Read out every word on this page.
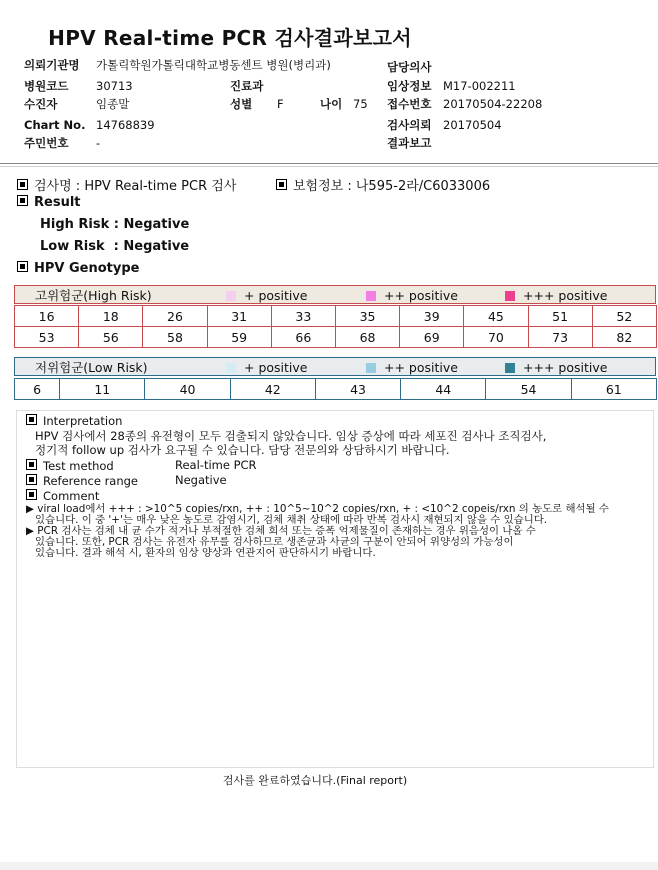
HPV Real-time PCR 검사결과보고서
의뢰기관명 가톨릭학원가톨릭대학교병동센트 병원(병리과)
병원코드 30713
수진자	임종말
Chart No. 14768839
주민번호 -
진료과
성별 F	나이 75
담당의사
임상정보 M17-002211
접수번호 20170504-22208
검사의뢰 20170504
결과보고
검사명 : HPV Real-time PCR 검사	보험정보 : 나595-2라/C6033006
Result
High Risk : Negative
Low Risk  : Negative
HPV Genotype
고위험군(High Risk)	+ positive	++ positive	+++ positive
16	18	26	31	33	35	39	45	51	52
53	56	58	59	66	68	69	70	73	82
저위험군(Low Risk)	+ positive	++ positive	+++ positive
6	11	40	42	43	44	54	61
Interpretation
HPV 검사에서 28종의 유전형이 모두 검출되지 않았습니다. 임상 증상에 따라 세포진 검사나 조직검사,
정기적 follow up 검사가 요구될 수 있습니다. 담당 전문의와 상담하시기 바랍니다.
Test method	Real-time PCR
Reference range	Negative
Comment
▶ viral load에서 +++ : >10^5 copies/rxn, ++ : 10^5~10^2 copies/rxn, + : <10^2 copeis/rxn 의 농도로 해석될 수
있습니다. 이 중 '+'는 매우 낮은 농도로 감염시기, 검체 채취 상태에 따라 반복 검사시 재현되지 않을 수 있습니다.
▶ PCR 검사는 검체 내 균 수가 적거나 부적절한 검체 희석 또는 증폭 억제물질이 존재하는 경우 위음성이 나올 수
있습니다. 또한, PCR 검사는 유전자 유무를 검사하므로 생존균과 사균의 구분이 안되어 위양성의 가능성이
있습니다. 결과 해석 시, 환자의 임상 양상과 연관지어 판단하시기 바랍니다.
검사를 완료하였습니다.(Final report)
